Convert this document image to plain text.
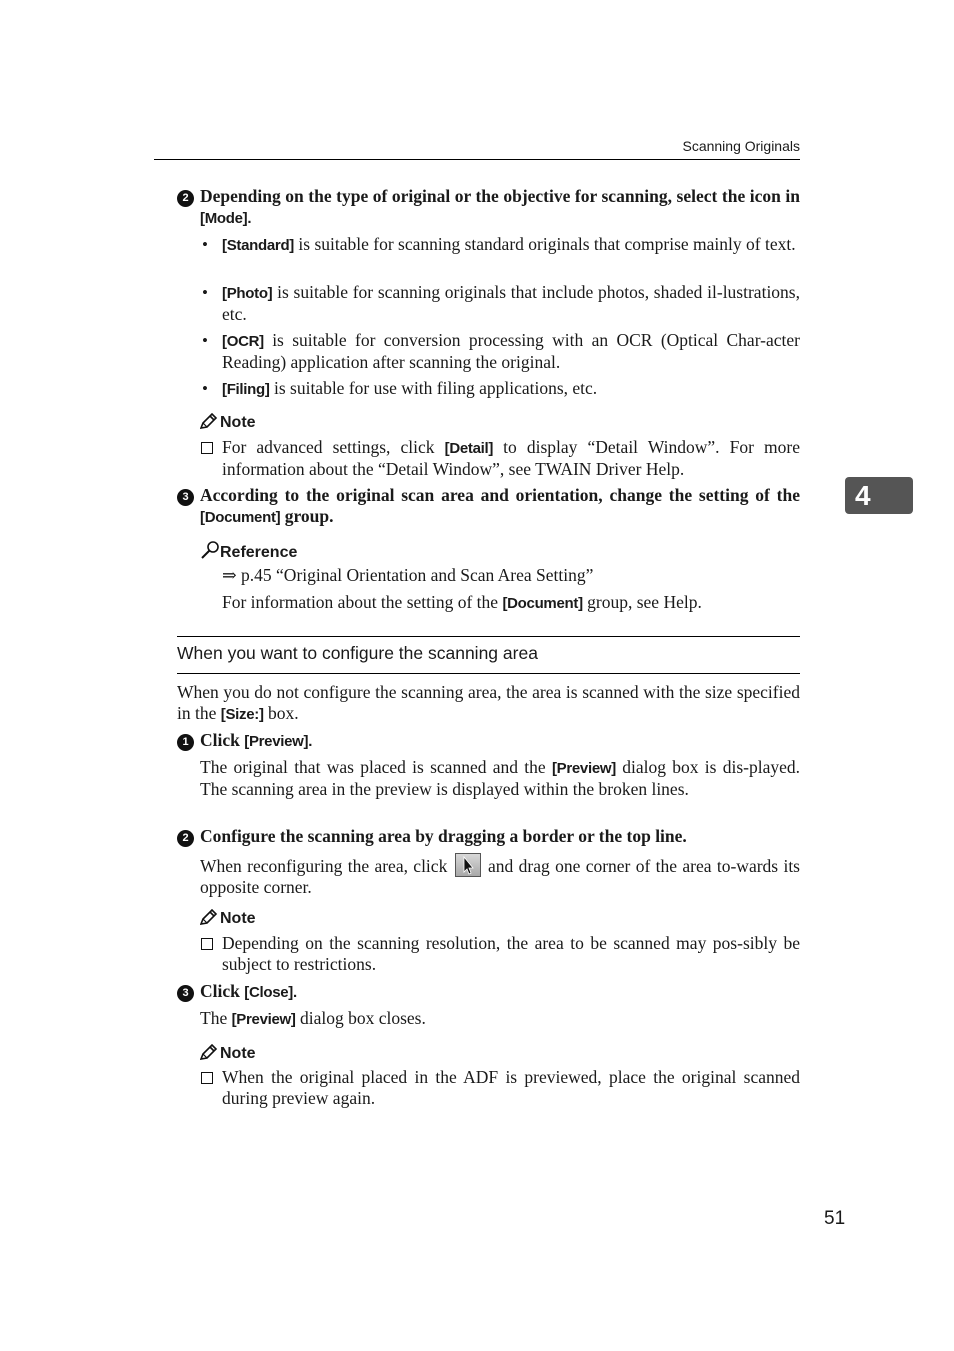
Scanning Originals
2 Depending on the type of original or the objective for scanning, select the icon in [Mode].
• [Standard] is suitable for scanning standard originals that comprise mainly of text.
• [Photo] is suitable for scanning originals that include photos, shaded il-lustrations, etc.
• [OCR] is suitable for conversion processing with an OCR (Optical Char-acter Reading) application after scanning the original.
• [Filing] is suitable for use with filing applications, etc.
Note
For advanced settings, click [Detail] to display “Detail Window”. For more information about the “Detail Window”, see TWAIN Driver Help.
3 According to the original scan area and orientation, change the setting of the [Document] group.
Reference
⇒ p.45 “Original Orientation and Scan Area Setting”
For information about the setting of the [Document] group, see Help.
When you want to configure the scanning area
When you do not configure the scanning area, the area is scanned with the size specified in the [Size:] box.
1 Click [Preview].
The original that was placed is scanned and the [Preview] dialog box is dis-played. The scanning area in the preview is displayed within the broken lines.
2 Configure the scanning area by dragging a border or the top line.
When reconfiguring the area, click
and drag one corner of the area to-wards its opposite corner.
Note
Depending on the scanning resolution, the area to be scanned may pos-sibly be subject to restrictions.
3 Click [Close].
The [Preview] dialog box closes.
Note
When the original placed in the ADF is previewed, place the original scanned during preview again.
4
51
